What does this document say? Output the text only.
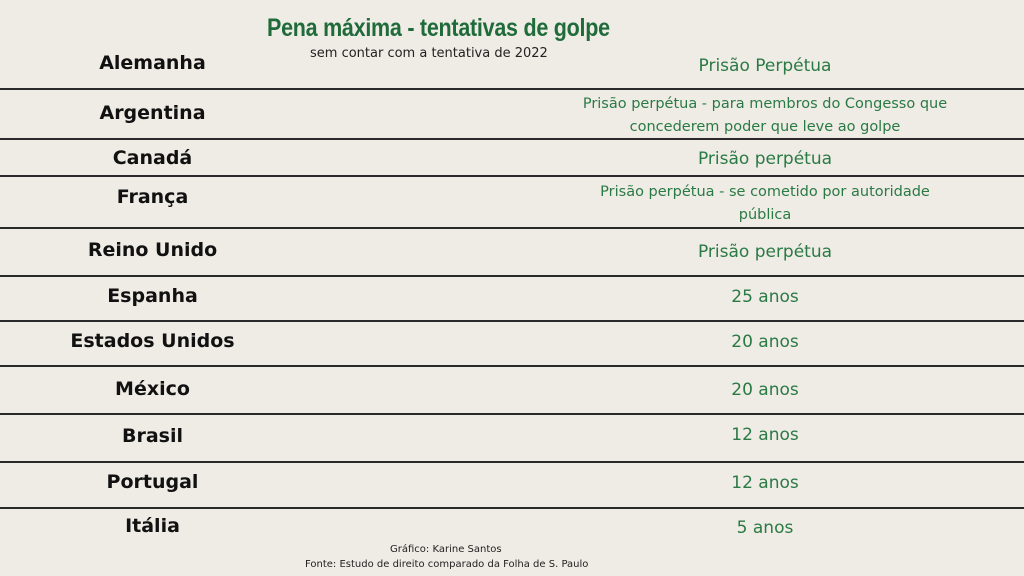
Pena máxima - tentativas de golpe
sem contar com a tentativa de 2022
Alemanha	Prisão Perpétua
Argentina	Prisão perpétua - para membros do Congesso que concederem poder que leve ao golpe
Canadá	Prisão perpétua
França	Prisão perpétua - se cometido por autoridade pública
Reino Unido	Prisão perpétua
Espanha	25 anos
Estados Unidos	20 anos
México	20 anos
Brasil	12 anos
Portugal	12 anos
Itália	5 anos
Gráfico: Karine Santos
Fonte: Estudo de direito comparado da Folha de S. Paulo
